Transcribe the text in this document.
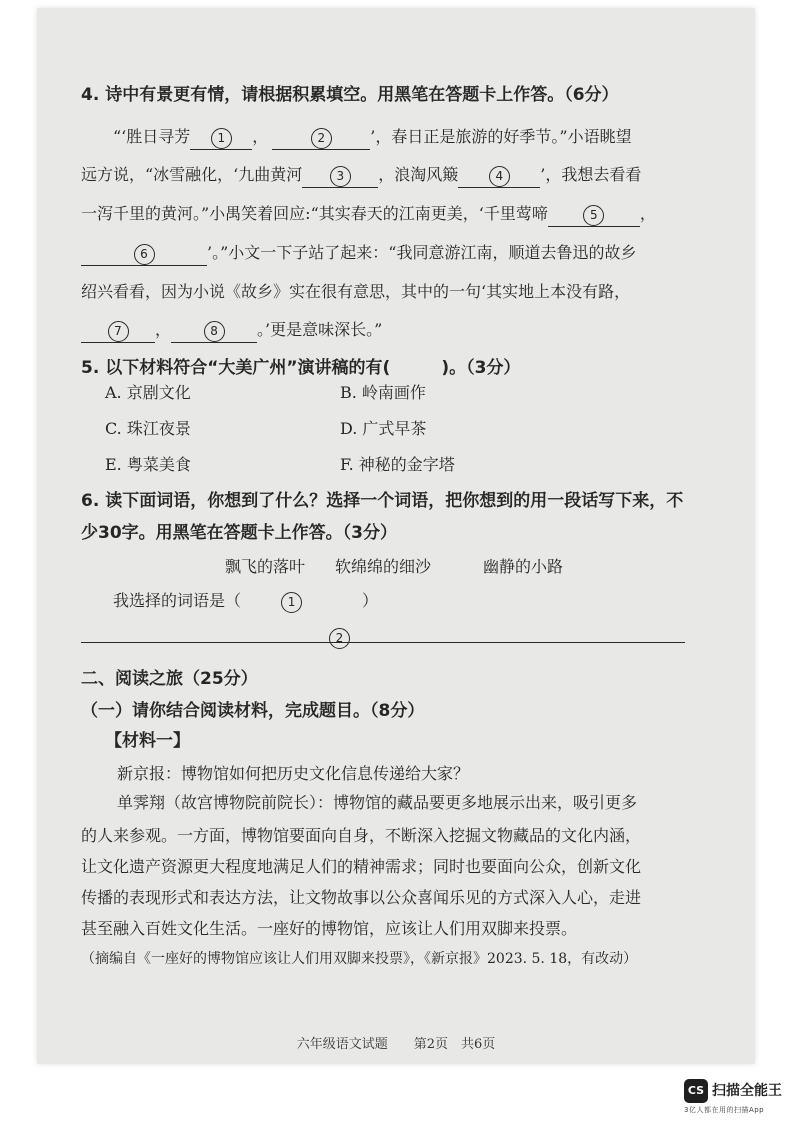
4. 诗中有景更有情，请根据积累填空。用黑笔在答题卡上作答。（6分）
“‘胜日寻芳 1 ，	2	’，春日正是旅游的好季节。”小语眺望
远方说，“冰雪融化，‘九曲黄河	3 ，浪淘风簸	4 ’，我想去看看
一泻千里的黄河。”小禺笑着回应:“其实春天的江南更美，‘千里莺啼	5	，
6	’。”小文一下子站了起来：“我同意游江南，顺道去鲁迅的故乡
绍兴看看，因为小说《故乡》实在很有意思，其中的一句‘其实地上本没有路，
7 ，	8 。’更是意味深长。”
5. 以下材料符合“大美广州”演讲稿的有(　　　)。（3分）
A. 京剧文化	B. 岭南画作
C. 珠江夜景	D. 广式早茶
E. 粤菜美食	F. 神秘的金字塔
6. 读下面词语，你想到了什么？选择一个词语，把你想到的用一段话写下来，不
少30字。用黑笔在答题卡上作答。（3分）
飘飞的落叶 软绵绵的细沙	幽静的小路
我选择的词语是（	1	）
2
二、阅读之旅（25分）
（一）请你结合阅读材料，完成题目。（8分）
【材料一】
新京报：博物馆如何把历史文化信息传递给大家？
单霁翔（故宫博物院前院长）：博物馆的藏品要更多地展示出来，吸引更多
的人来参观。一方面，博物馆要面向自身，不断深入挖掘文物藏品的文化内涵，
让文化遗产资源更大程度地满足人们的精神需求；同时也要面向公众，创新文化
传播的表现形式和表达方法，让文物故事以公众喜闻乐见的方式深入人心，走进
甚至融入百姓文化生活。一座好的博物馆，应该让人们用双脚来投票。
（摘编自《一座好的博物馆应该让人们用双脚来投票》，《新京报》2023. 5. 18，有改动）
六年级语文试题　　第2页　共6页
CS 扫描全能王
3亿人都在用的扫描App
